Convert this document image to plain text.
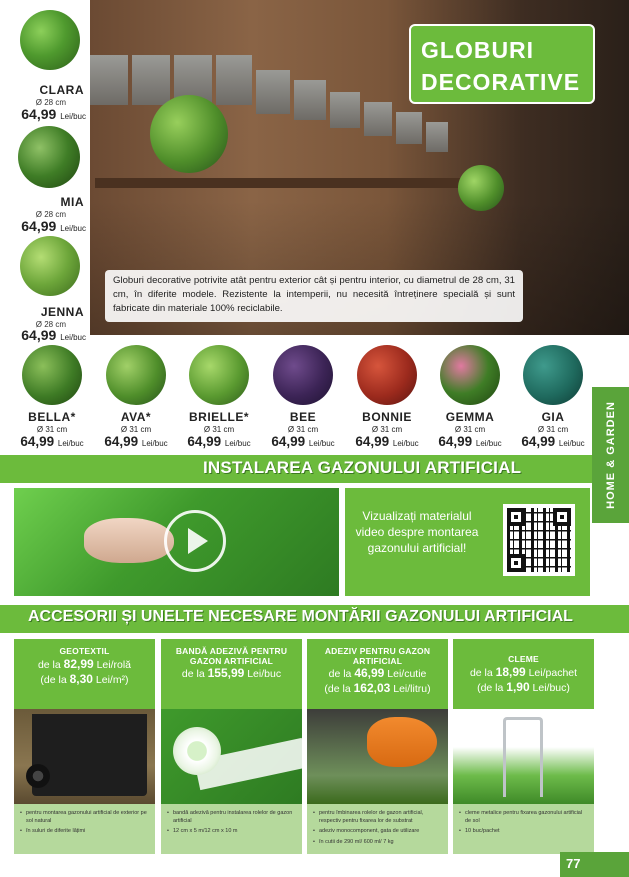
CLARA
Ø 28 cm
64,99 Lei/buc
MIA
Ø 28 cm
64,99 Lei/buc
JENNA
Ø 28 cm
64,99 Lei/buc
GLOBURI
DECORATIVE
Globuri decorative potrivite atât pentru exterior cât și pentru interior, cu diametrul de 28 cm, 31 cm, în diferite modele. Rezistente la intemperii, nu necesită întreținere specială și sunt fabricate din materiale 100% reciclabile.
BELLA*
Ø 31 cm
64,99 Lei/buc
AVA*
Ø 31 cm
64,99 Lei/buc
BRIELLE*
Ø 31 cm
64,99 Lei/buc
BEE
Ø 31 cm
64,99 Lei/buc
BONNIE
Ø 31 cm
64,99 Lei/buc
GEMMA
Ø 31 cm
64,99 Lei/buc
GIA
Ø 31 cm
64,99 Lei/buc	HOME & GARDEN
INSTALAREA GAZONULUI ARTIFICIAL

Vizualizați materialul video despre montarea gazonului artificial!

ACCESORII ȘI UNELTE NECESARE MONTĂRII GAZONULUI ARTIFICIAL
GEOTEXTIL
de la 82,99 Lei/rolă
(de la 8,30 Lei/m²)
• pentru montarea gazonului artificial de exterior pe sol natural
• în suluri de diferite lățimi
BANDĂ ADEZIVĂ PENTRU GAZON ARTIFICIAL
de la 155,99 Lei/buc
• bandă adezivă pentru instalarea rolelor de gazon artificial
• 12 cm x 5 m/12 cm x 10 m
ADEZIV PENTRU GAZON ARTIFICIAL
de la 46,99 Lei/cutie
(de la 162,03 Lei/litru)
• pentru îmbinarea rolelor de gazon artificial, respectiv pentru fixarea lor de substrat
• adeziv monocomponent, gata de utilizare
• în cutii de 290 ml/ 600 ml/ 7 kg
CLEME
de la 18,99 Lei/pachet
(de la 1,90 Lei/buc)
• cleme metalice pentru fixarea gazonului artificial de sol
• 10 buc/pachet
77
